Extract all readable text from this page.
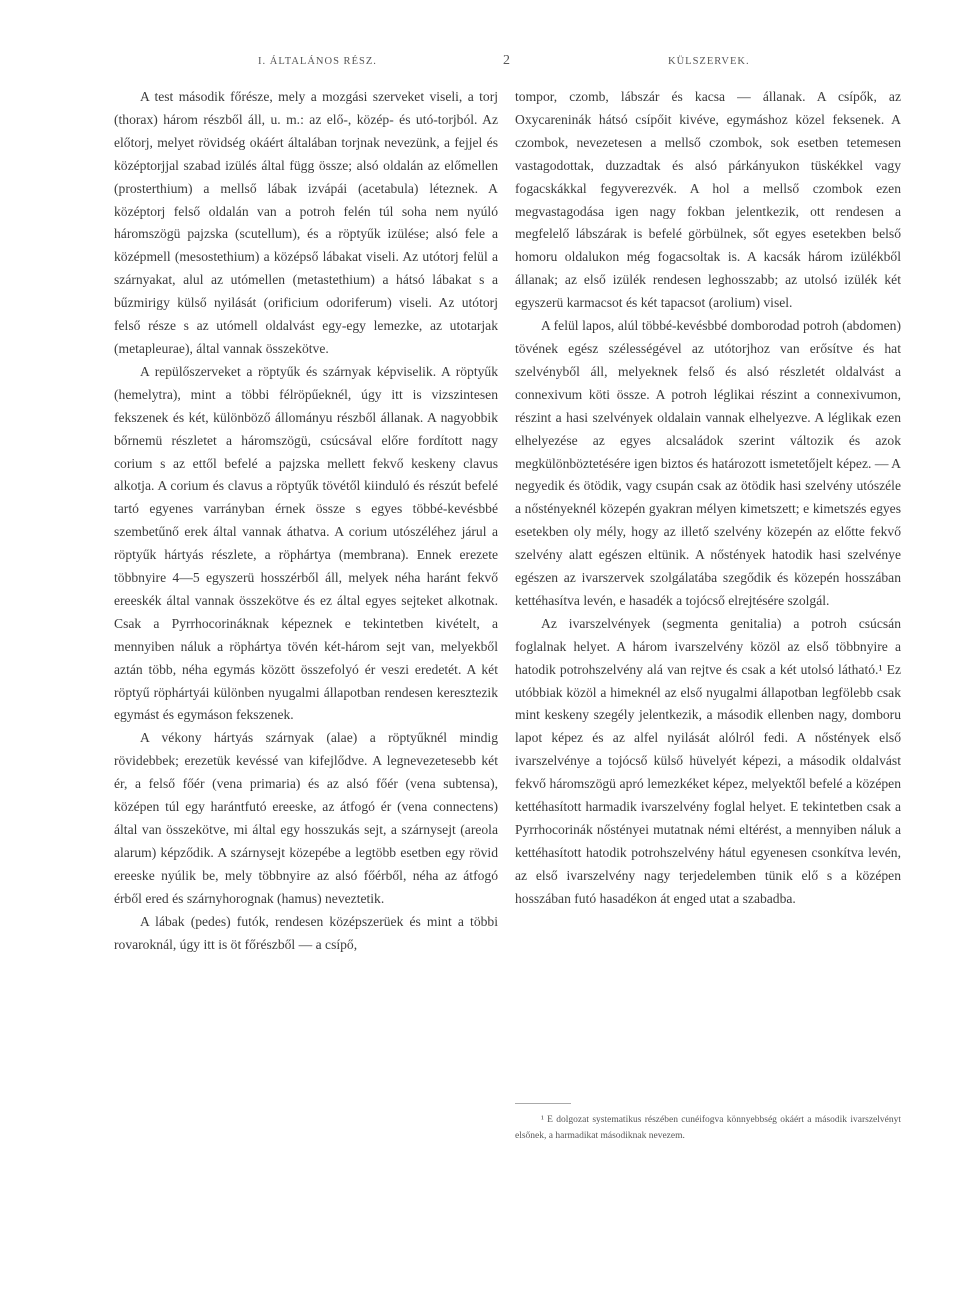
I. ÁLTALÁNOS RÉSZ.	2	KÜLSZERVEK.

A test második főrésze, mely a mozgási szerveket viseli, a torj (thorax) három részből áll, u. m.: az elő-, közép- és utó-torjból. Az előtorj, melyet rövidség okáért általában torjnak nevezünk, a fejjel és középtorjjal szabad izülés által függ össze; alsó oldalán az előmellen (prosterthium) a mellső lábak izvápái (acetabula) léteznek. A középtorj felső oldalán van a potroh felén túl soha nem nyúló háromszögü pajzska (scutellum), és a röptyűk izülése; alsó fele a középmell (mesostethium) a középső lábakat viseli. Az utótorj felül a szárnyakat, alul az utómellen (metastethium) a hátsó lábakat s a bűzmirigy külső nyilását (orificium odoriferum) viseli. Az utótorj felső része s az utómell oldalvást egy-egy lemezke, az utotarjak (metapleurae), által vannak összekötve.

A repülőszerveket a röptyűk és szárnyak képviselik. A röptyűk (hemelytra), mint a többi félröpűeknél, úgy itt is vizszintesen fekszenek és két, különböző állományu részből állanak. A nagyobbik bőrnemü részletet a háromszögü, csúcsával előre fordított nagy corium s az ettől befelé a pajzska mellett fekvő keskeny clavus alkotja. A corium és clavus a röptyűk tövétől kiinduló és részút befelé tartó egyenes varrányban érnek össze s egyes többé-kevésbbé szembetűnő erek által vannak áthatva. A corium utószéléhez járul a röptyűk hártyás részlete, a röphártya (membrana). Ennek erezete többnyire 4—5 egyszerü hosszérből áll, melyek néha haránt fekvő ereeskék által vannak összekötve és ez által egyes sejteket alkotnak. Csak a Pyrrhocorináknak képeznek e tekintetben kivételt, a mennyiben náluk a röphártya tövén két-három sejt van, melyekből aztán több, néha egymás között összefolyó ér veszi eredetét. A két röptyű röphártyái különben nyugalmi állapotban rendesen keresztezik egymást és egymáson fekszenek.

A vékony hártyás szárnyak (alae) a röptyűknél mindig rövidebbek; erezetük kevéssé van kifejlődve. A legnevezetesebb két ér, a felső főér (vena primaria) és az alsó főér (vena subtensa), középen túl egy harántfutó ereeske, az átfogó ér (vena connectens) által van összekötve, mi által egy hosszukás sejt, a szárnysejt (areola alarum) képződik. A szárnysejt közepébe a legtöbb esetben egy rövid ereeske nyúlik be, mely többnyire az alsó főérből, néha az átfogó érből ered és szárnyhorognak (hamus) neveztetik.

A lábak (pedes) futók, rendesen középszerüek és mint a többi rovaroknál, úgy itt is öt főrészből — a csípő,

tompor, czomb, lábszár és kacsa — állanak. A csípők, az Oxycareninák hátsó csípőit kivéve, egymáshoz közel feksenek. A czombok, nevezetesen a mellső czombok, sok esetben tetemesen vastagodottak, duzzadtak és alsó párkányukon tüskékkel vagy fogacskákkal fegyverezvék. A hol a mellső czombok ezen megvastagodása igen nagy fokban jelentkezik, ott rendesen a megfelelő lábszárak is befelé görbülnek, sőt egyes esetekben belső homoru oldalukon még fogacsoltak is. A kacsák három izülékből állanak; az első izülék rendesen leghosszabb; az utolsó izülék két egyszerü karmacsot és két tapacsot (arolium) visel.

A felül lapos, alúl többé-kevésbbé domborodad potroh (abdomen) tövének egész szélességével az utótorjhoz van erősítve és hat szelvényből áll, melyeknek felső és alsó részletét oldalvást a connexivum köti össze. A potroh léglikai részint a connexivumon, részint a hasi szelvények oldalain vannak elhelyezve. A léglikak ezen elhelyezése az egyes alcsaládok szerint változik és azok megkülönböztetésére igen biztos és határozott ismetetőjelt képez. — A negyedik és ötödik, vagy csupán csak az ötödik hasi szelvény utószéle a nőstényeknél közepén gyakran mélyen kimetszett; e kimetszés egyes esetekben oly mély, hogy az illető szelvény közepén az előtte fekvő szelvény alatt egészen eltünik. A nőstények hatodik hasi szelvénye egészen az ivarszervek szolgálatába szegődik és közepén hosszában kettéhasítva levén, e hasadék a tojócső elrejtésére szolgál.

Az ivarszelvények (segmenta genitalia) a potroh csúcsán foglalnak helyet. A három ivarszelvény közöl az első többnyire a hatodik potrohszelvény alá van rejtve és csak a két utolsó látható.¹ Ez utóbbiak közöl a himeknél az első nyugalmi állapotban legfölebb csak mint keskeny szegély jelentkezik, a második ellenben nagy, domboru lapot képez és az alfel nyilását alólról fedi. A nőstények első ivarszelvénye a tojócső külső hüvelyét képezi, a második oldalvást fekvő háromszögü apró lemezkéket képez, melyektől befelé a középen kettéhasított harmadik ivarszelvény foglal helyet. E tekintetben csak a Pyrrhocorinák nőstényei mutatnak némi eltérést, a mennyiben náluk a kettéhasított hatodik potrohszelvény hátul egyenesen csonkítva levén, az első ivarszelvény nagy terjedelemben tünik elő s a középen hosszában futó hasadékon át enged utat a szabadba.

¹ E dolgozat systematikus részében cunéifogva könnyebbség okáért a második ivarszelvényt elsőnek, a harmadikat másodiknak nevezem.
